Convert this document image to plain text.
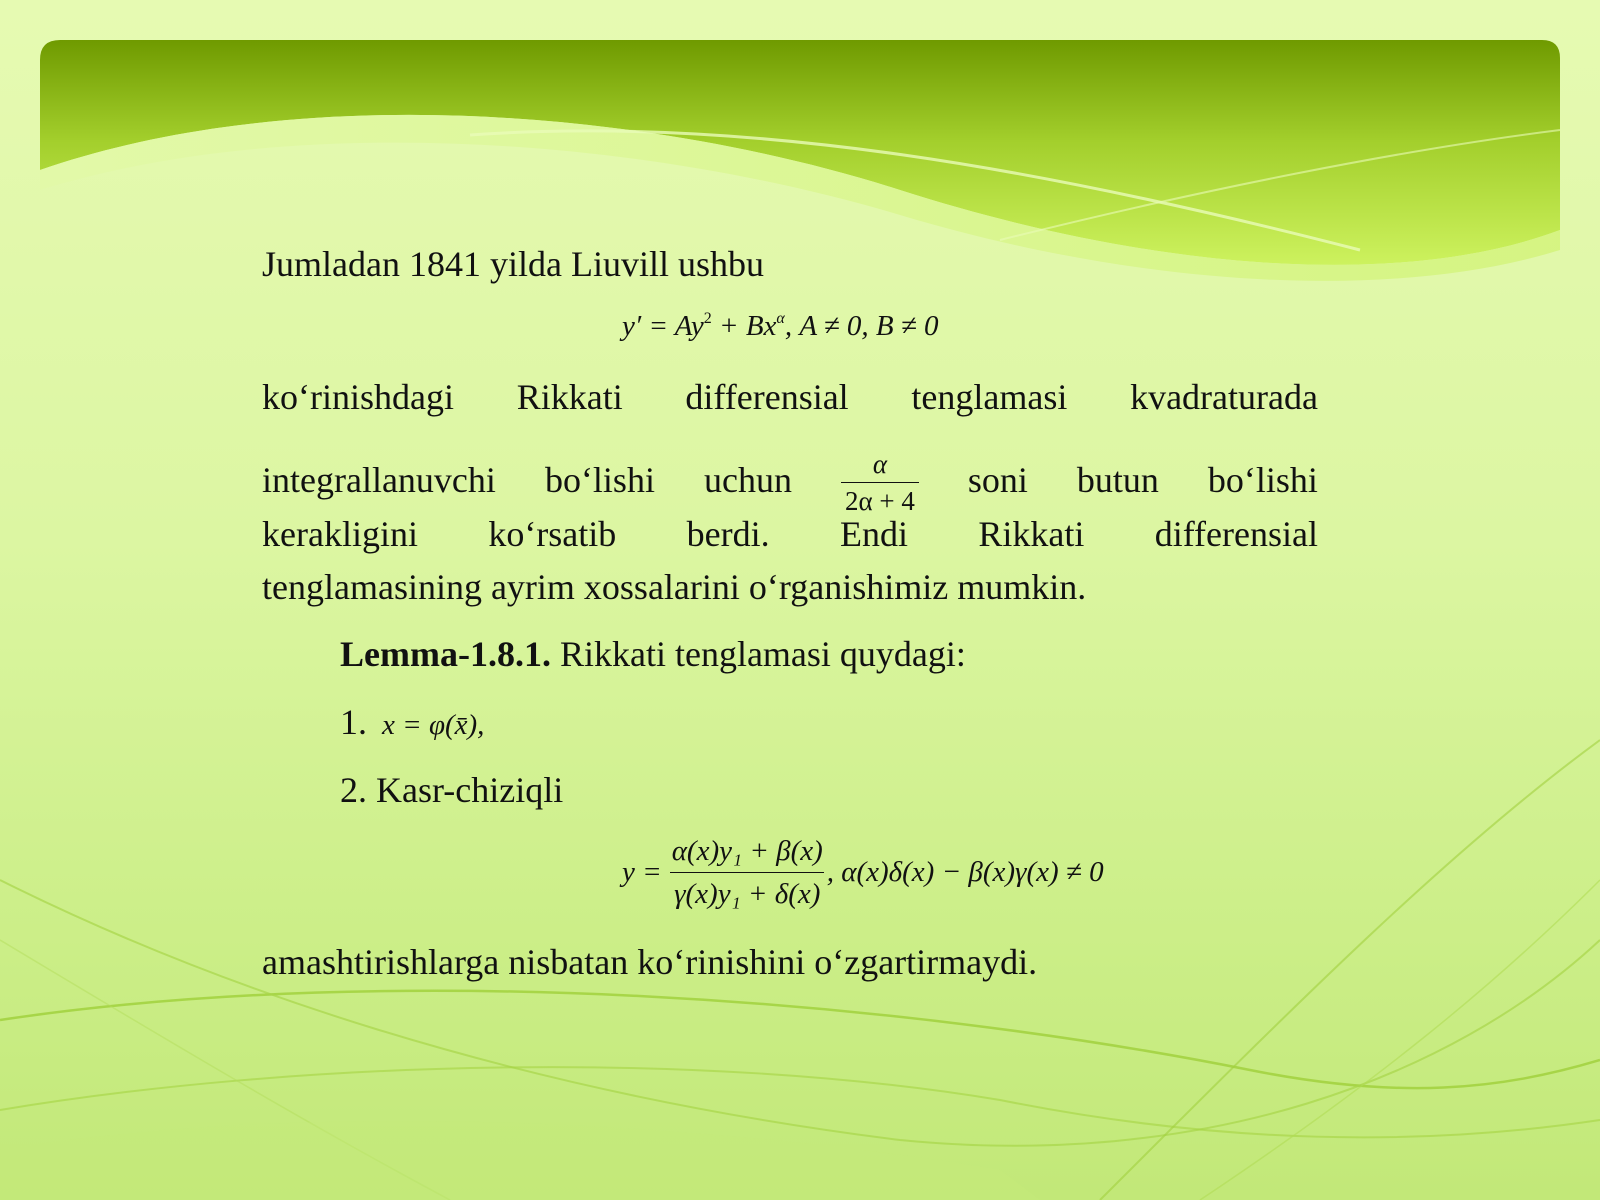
Jumladan 1841 yilda Liuvill ushbu
$y' = Ay^2 + Bx^\alpha$, A ≠ 0, B ≠ 0
ko‘rinishdagi Rikkati differensial tenglamasi kvadraturada
integrallanuvchi bo‘lishi uchun $\frac{\alpha}{2\alpha + 4}$ soni butun bo‘lishi
kerakligini ko‘rsatib berdi. Endi Rikkati differensial
tenglamasining ayrim xossalarini o‘rganishimiz mumkin.
Lemma-1.8.1. Rikkati tenglamasi quydagi:
1. x = φ(x̄),
2. Kasr-chiziqli
$y = \frac{\text{α(x)y₁ + β(x)}}{\text{γ(x)y₁ + δ(x)}}$ , α(x)δ(x) − β(x)γ(x) ≠ 0
amashtirishlarga nisbatan ko‘rinishini o‘zgartirmaydi.
